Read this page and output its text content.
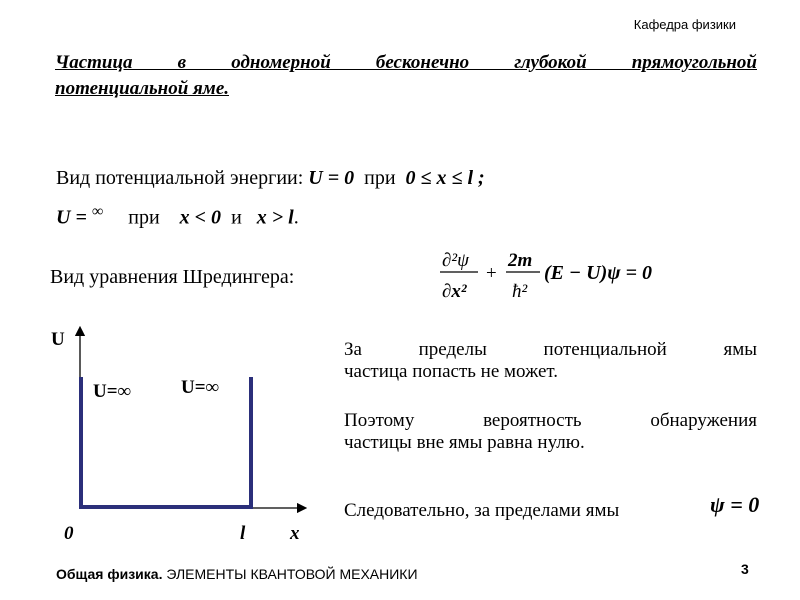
Кафедра физики
Частица в одномерной бесконечно глубокой прямоугольной
потенциальной яме.
Вид потенциальной энергии: U = 0 при 0 ≤ x ≤ l ;
U = ∞ при x < 0 и x > l.
Вид уравнения Шредингера:
∂²ψ
∂x²
+
2m
ħ²
(E − U)ψ = 0
U
U=∞	U=∞
0	l x
За пределы потенциальной ямы
частица попасть не может.
Поэтому вероятность обнаружения
частицы вне ямы равна нулю.
Следовательно, за пределами ямы	ψ = 0
Общая физика. ЭЛЕМЕНТЫ КВАНТОВОЙ МЕХАНИКИ	3
